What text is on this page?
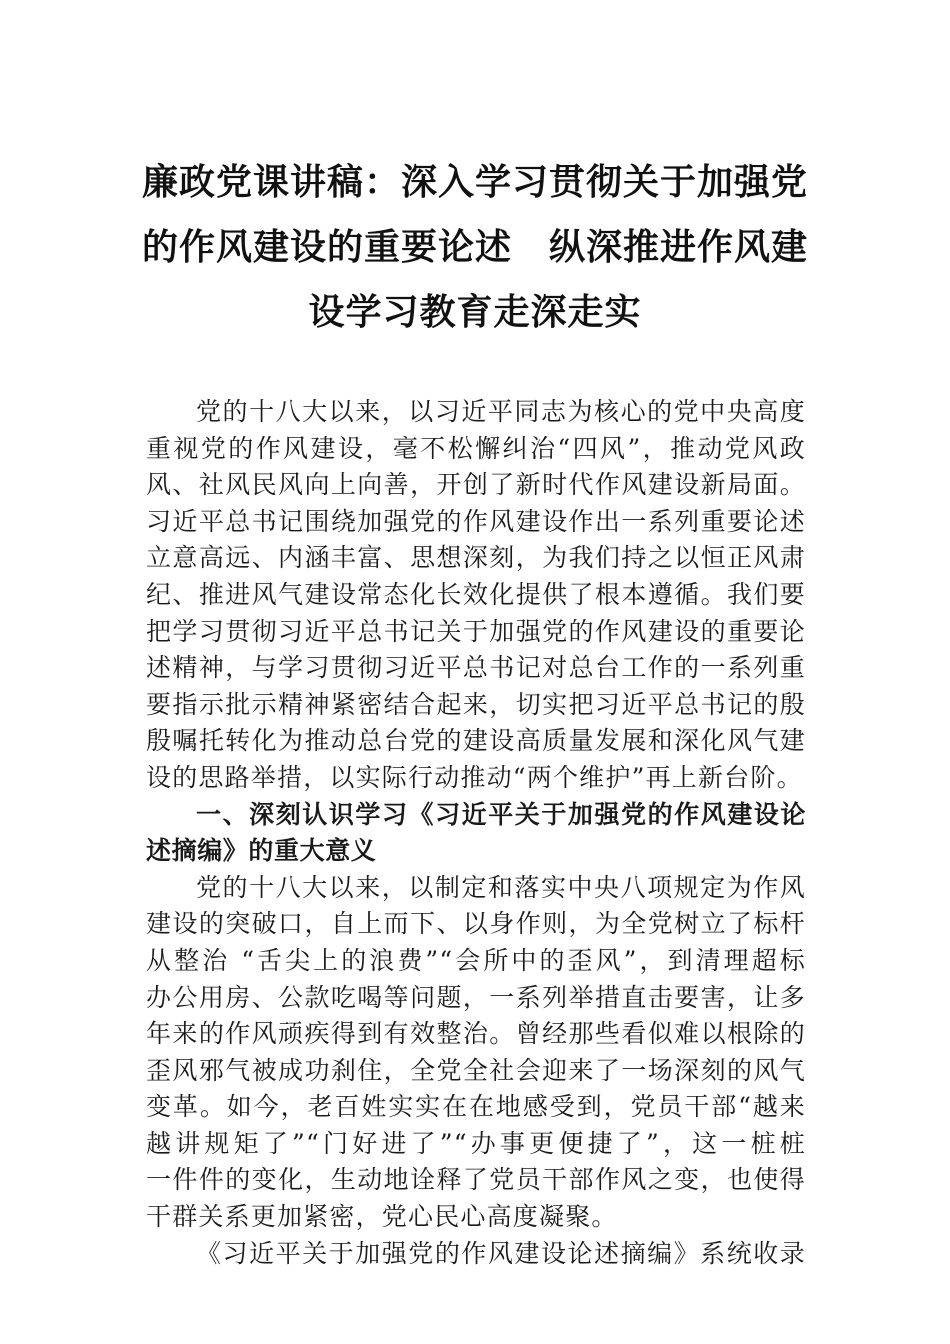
廉政党课讲稿：深入学习贯彻关于加强党
的作风建设的重要论述　纵深推进作风建
设学习教育走深走实
党的十八大以来，以习近平同志为核心的党中央高度
重视党的作风建设，毫不松懈纠治“四风”，推动党风政
风、社风民风向上向善，开创了新时代作风建设新局面。
习近平总书记围绕加强党的作风建设作出一系列重要论述
立意高远、内涵丰富、思想深刻，为我们持之以恒正风肃
纪、推进风气建设常态化长效化提供了根本遵循。我们要
把学习贯彻习近平总书记关于加强党的作风建设的重要论
述精神，与学习贯彻习近平总书记对总台工作的一系列重
要指示批示精神紧密结合起来，切实把习近平总书记的殷
殷嘱托转化为推动总台党的建设高质量发展和深化风气建
设的思路举措，以实际行动推动“两个维护”再上新台阶。
一、深刻认识学习《习近平关于加强党的作风建设论
述摘编》的重大意义
党的十八大以来，以制定和落实中央八项规定为作风
建设的突破口，自上而下、以身作则，为全党树立了标杆
从整治 “舌尖上的浪费”“会所中的歪风”，到清理超标
办公用房、公款吃喝等问题，一系列举措直击要害，让多
年来的作风顽疾得到有效整治。曾经那些看似难以根除的
歪风邪气被成功刹住，全党全社会迎来了一场深刻的风气
变革。如今，老百姓实实在在地感受到，党员干部“越来
越讲规矩了”“门好进了”“办事更便捷了”，这一桩桩
一件件的变化，生动地诠释了党员干部作风之变，也使得
干群关系更加紧密，党心民心高度凝聚。
《习近平关于加强党的作风建设论述摘编》系统收录
